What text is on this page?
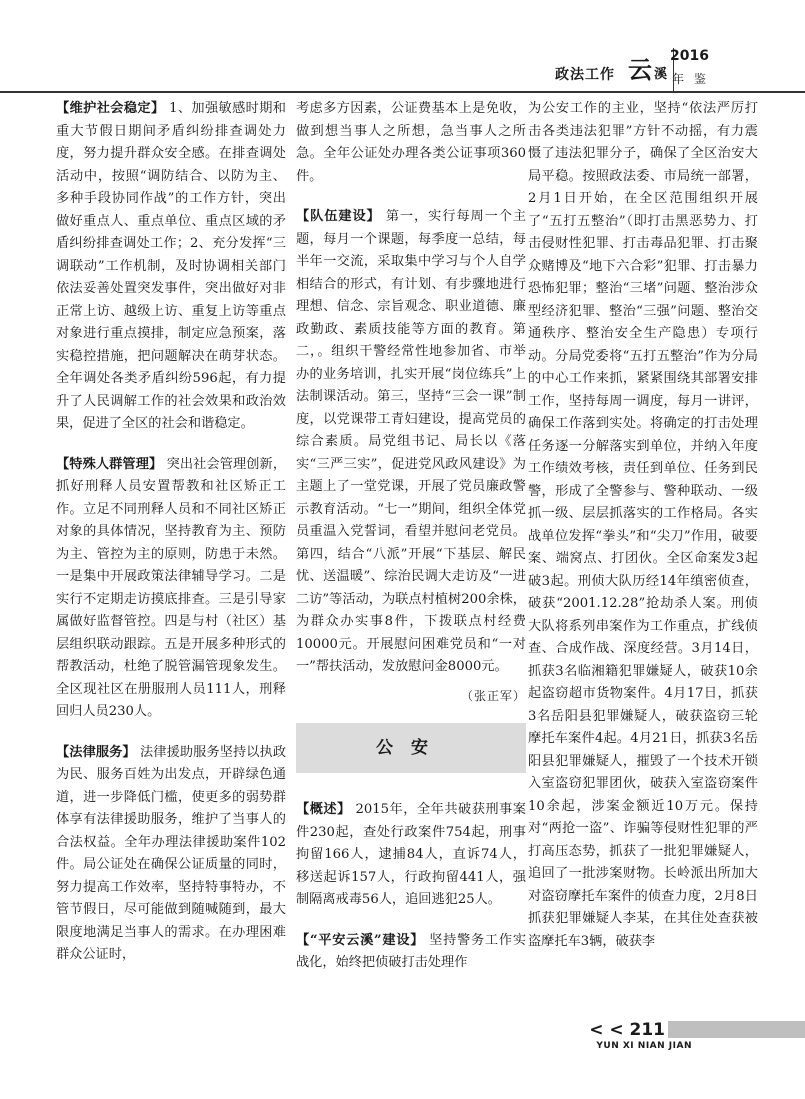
政法工作 云溪
2016
年 鉴

【维护社会稳定】 1、加强敏感时期和重大节假日期间矛盾纠纷排查调处力度，努力提升群众安全感。在排查调处活动中，按照“调防结合、以防为主、多种手段协同作战”的工作方针，突出做好重点人、重点单位、重点区域的矛盾纠纷排查调处工作；2、充分发挥“三调联动”工作机制，及时协调相关部门依法妥善处置突发事件，突出做好对非正常上访、越级上访、重复上访等重点对象进行重点摸排，制定应急预案，落实稳控措施，把问题解决在萌芽状态。全年调处各类矛盾纠纷596起，有力提升了人民调解工作的社会效果和政治效果，促进了全区的社会和谐稳定。

【特殊人群管理】 突出社会管理创新，抓好刑释人员安置帮教和社区矫正工作。立足不同刑释人员和不同社区矫正对象的具体情况，坚持教育为主、预防为主、管控为主的原则，防患于未然。一是集中开展政策法律辅导学习。二是实行不定期走访摸底排查。三是引导家属做好监督管控。四是与村（社区）基层组织联动跟踪。五是开展多种形式的帮教活动，杜绝了脱管漏管现象发生。全区现社区在册服刑人员111人，刑释回归人员230人。

【法律服务】 法律援助服务坚持以执政为民、服务百姓为出发点，开辟绿色通道，进一步降低门槛，使更多的弱势群体享有法律援助服务，维护了当事人的合法权益。全年办理法律援助案件102件。局公证处在确保公证质量的同时，努力提高工作效率，坚持特事特办，不管节假日，尽可能做到随喊随到，最大限度地满足当事人的需求。在办理困难群众公证时，

考虑多方因素，公证费基本上是免收，做到想当事人之所想，急当事人之所急。全年公证处办理各类公证事项360件。

【队伍建设】 第一，实行每周一个主题，每月一个课题，每季度一总结，每半年一交流，采取集中学习与个人自学相结合的形式，有计划、有步骤地进行理想、信念、宗旨观念、职业道德、廉政勤政、素质技能等方面的教育。第二，。组织干警经常性地参加省、市举办的业务培训，扎实开展“岗位练兵”上法制课活动。第三，坚持“三会一课”制度，以党课带工青妇建设，提高党员的综合素质。局党组书记、局长以《落实“三严三实”，促进党风政风建设》为主题上了一堂党课，开展了党员廉政警示教育活动。“七一”期间，组织全体党员重温入党誓词，看望并慰问老党员。第四，结合“八派”开展“下基层、解民忧、送温暖”、综治民调大走访及“一进二访”等活动，为联点村植树200余株，为群众办实事8件，下拨联点村经费10000元。开展慰问困难党员和“一对一”帮扶活动，发放慰问金8000元。

（张正军）
公安

【概述】 2015年，全年共破获刑事案件230起，查处行政案件754起，刑事拘留166人，逮捕84人，直诉74人，移送起诉157人，行政拘留441人，强制隔离戒毒56人，追回逃犯25人。

【“平安云溪”建设】 坚持警务工作实战化，始终把侦破打击处理作

为公安工作的主业，坚持“依法严厉打击各类违法犯罪”方针不动摇，有力震慑了违法犯罪分子，确保了全区治安大局平稳。按照政法委、市局统一部署，2月1日开始，在全区范围组织开展了“五打五整治”（即打击黑恶势力、打击侵财性犯罪、打击毒品犯罪、打击聚众赌博及“地下六合彩”犯罪、打击暴力恐怖犯罪；整治“三堵”问题、整治涉众型经济犯罪、整治“三强”问题、整治交通秩序、整治安全生产隐患）专项行动。分局党委将“五打五整治”作为分局的中心工作来抓，紧紧围绕其部署安排工作，坚持每周一调度，每月一讲评，确保工作落到实处。将确定的打击处理任务逐一分解落实到单位，并纳入年度工作绩效考核，责任到单位、任务到民警，形成了全警参与、警种联动、一级抓一级、层层抓落实的工作格局。各实战单位发挥“拳头”和“尖刀”作用，破要案、端窝点、打团伙。全区命案发3起破3起。刑侦大队历经14年缜密侦查，破获“2001.12.28”抢劫杀人案。刑侦大队将系列串案作为工作重点，扩线侦查、合成作战、深度经营。3月14日，抓获3名临湘籍犯罪嫌疑人，破获10余起盗窃超市货物案件。4月17日，抓获3名岳阳县犯罪嫌疑人，破获盗窃三轮摩托车案件4起。4月21日，抓获3名岳阳县犯罪嫌疑人，摧毁了一个技术开锁入室盗窃犯罪团伙，破获入室盗窃案件10余起，涉案金额近10万元。保持对“两抢一盗”、诈骗等侵财性犯罪的严打高压态势，抓获了一批犯罪嫌疑人，追回了一批涉案财物。长岭派出所加大对盗窃摩托车案件的侦查力度，2月8日抓获犯罪嫌疑人李某，在其住处查获被盗摩托车3辆，破获李

< < 211
YUN XI NIAN JIAN
